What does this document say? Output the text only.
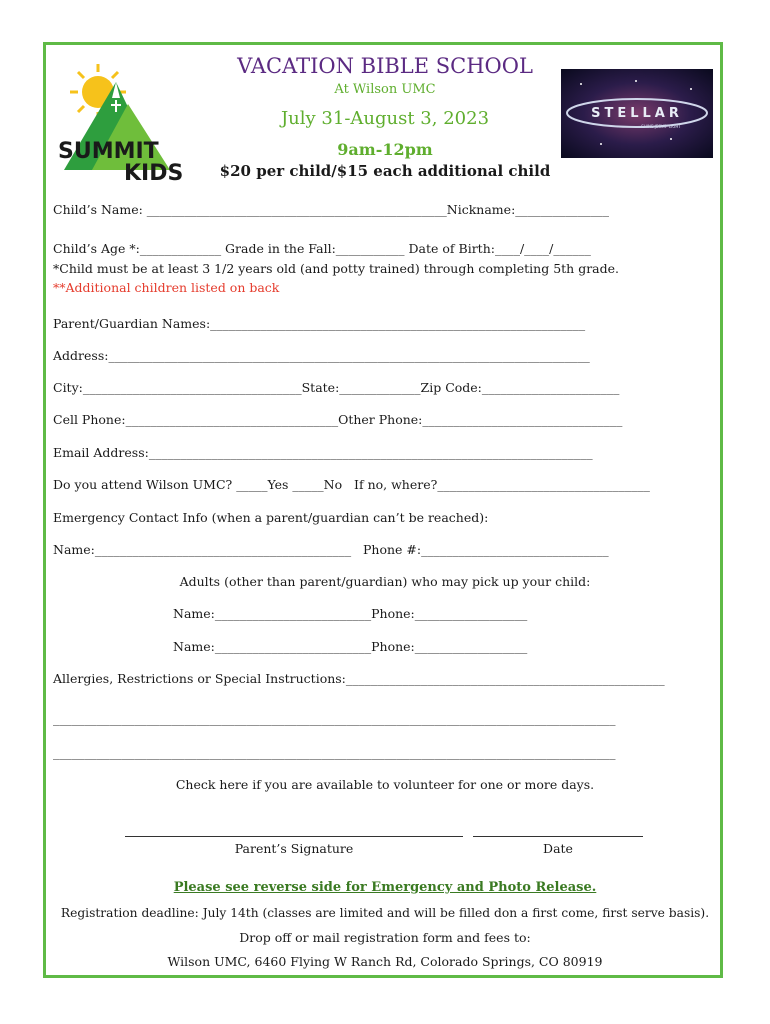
SUMMIT
KIDS
STELLAR
SHINE JESUS' LIGHT
VACATION BIBLE SCHOOL
At Wilson UMC
July 31-August 3, 2023
9am-12pm
$20 per child/$15 each additional child
Child’s Name: ________________________________________________Nickname:_______________
Child’s Age *:_____________ Grade in the Fall:___________ Date of Birth:____/____/______
*Child must be at least 3 1/2 years old (and potty trained) through completing 5th grade.
**Additional children listed on back
Parent/Guardian Names:____________________________________________________________
Address:_____________________________________________________________________________
City:___________________________________State:_____________Zip Code:______________________
Cell Phone:__________________________________Other Phone:________________________________
Email Address:_______________________________________________________________________
Do you attend Wilson UMC? _____Yes _____No   If no, where?__________________________________
Emergency Contact Info (when a parent/guardian can’t be reached):
Name:_________________________________________   Phone #:______________________________
Adults (other than parent/guardian) who may pick up your child:
Name:_________________________Phone:__________________
Name:_________________________Phone:__________________
Allergies, Restrictions or Special Instructions:___________________________________________________
__________________________________________________________________________________________
__________________________________________________________________________________________
Check here if you are available to volunteer for one or more days.
Parent’s Signature	Date
Please see reverse side for Emergency and Photo Release.
Registration deadline: July 14th (classes are limited and will be filled don a first come, first serve basis).
Drop off or mail registration form and fees to:
Wilson UMC, 6460 Flying W Ranch Rd, Colorado Springs, CO 80919
